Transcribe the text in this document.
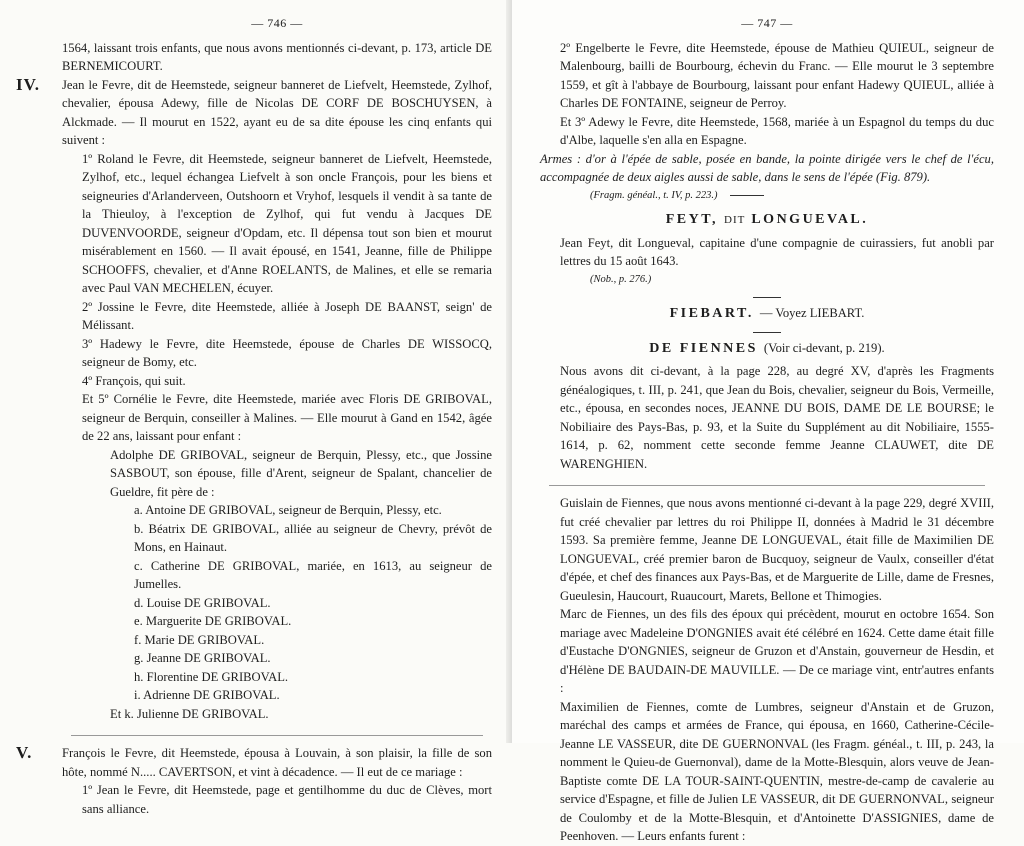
— 746 —

1564, laissant trois enfants, que nous avons mentionnés ci-devant, p. 173, article DE BERNEMICOURT.

IV. Jean le Fevre, dit de Heemstede, seigneur banneret de Liefvelt, Heemstede, Zylhof, chevalier, épousa Adewy, fille de Nicolas DE CORF DE BOSCHUYSEN, à Alckmade. — Il mourut en 1522, ayant eu de sa dite épouse les cinq enfants qui suivent :

1º Roland le Fevre, dit Heemstede, seigneur banneret de Liefvelt, Heemstede, Zylhof, etc., lequel échangea Liefvelt à son oncle François, pour les biens et seigneuries d'Arlanderveen, Outshoorn et Vryhof, lesquels il vendit à sa tante de la Thieuloy, à l'exception de Zylhof, qui fut vendu à Jacques DE DUVENVOORDE, seigneur d'Opdam, etc. Il dépensa tout son bien et mourut misérablement en 1560. — Il avait épousé, en 1541, Jeanne, fille de Philippe SCHOOFFS, chevalier, et d'Anne ROELANTS, de Malines, et elle se remaria avec Paul VAN MECHELEN, écuyer.

2º Jossine le Fevre, dite Heemstede, alliée à Joseph DE BAANST, seign' de Mélissant.

3º Hadewy le Fevre, dite Heemstede, épouse de Charles DE WISSOCQ, seigneur de Bomy, etc.

4º François, qui suit.

Et 5º Cornélie le Fevre, dite Heemstede, mariée avec Floris DE GRIBOVAL, seigneur de Berquin, conseiller à Malines. — Elle mourut à Gand en 1542, âgée de 22 ans, laissant pour enfant :

Adolphe DE GRIBOVAL, seigneur de Berquin, Plessy, etc., que Jossine SASBOUT, son épouse, fille d'Arent, seigneur de Spalant, chancelier de Gueldre, fit père de :

a. Antoine DE GRIBOVAL, seigneur de Berquin, Plessy, etc.

b. Béatrix DE GRIBOVAL, alliée au seigneur de Chevry, prévôt de Mons, en Hainaut.

c. Catherine DE GRIBOVAL, mariée, en 1613, au seigneur de Jumelles.

d. Louise DE GRIBOVAL.

e. Marguerite DE GRIBOVAL.

f. Marie DE GRIBOVAL.

g. Jeanne DE GRIBOVAL.

h. Florentine DE GRIBOVAL.

i. Adrienne DE GRIBOVAL.

Et k. Julienne DE GRIBOVAL.

V. François le Fevre, dit Heemstede, épousa à Louvain, à son plaisir, la fille de son hôte, nommé N..... CAVERTSON, et vint à décadence. — Il eut de ce mariage :

1º Jean le Fevre, dit Heemstede, page et gentilhomme du duc de Clèves, mort sans alliance.

— 747 —

2º Engelberte le Fevre, dite Heemstede, épouse de Mathieu QUIEUL, seigneur de Malenbourg, bailli de Bourbourg, échevin du Franc. — Elle mourut le 3 septembre 1559, et gît à l'abbaye de Bourbourg, laissant pour enfant Hadewy QUIEUL, alliée à Charles DE FONTAINE, seigneur de Perroy.

Et 3º Adewy le Fevre, dite Heemstede, 1568, mariée à un Espagnol du temps du duc d'Albe, laquelle s'en alla en Espagne.

Armes : d'or à l'épée de sable, posée en bande, la pointe dirigée vers le chef de l'écu, accompagnée de deux aigles aussi de sable, dans le sens de l'épée (Fig. 879).

(Fragm. généal., t. IV, p. 223.)

FEYT, DIT LONGUEVAL.

Jean Feyt, dit Longueval, capitaine d'une compagnie de cuirassiers, fut anobli par lettres du 15 août 1643.

(Nob., p. 276.)

FIEBART. — Voyez LIEBART.
DE FIENNES (Voir ci-devant, p. 219).

Nous avons dit ci-devant, à la page 228, au degré XV, d'après les Fragments généalogiques, t. III, p. 241, que Jean du Bois, chevalier, seigneur du Bois, Vermeille, etc., épousa, en secondes noces, JEANNE DU BOIS, DAME DE LE BOURSE; le Nobiliaire des Pays-Bas, p. 93, et la Suite du Supplément au dit Nobiliaire, 1555-1614, p. 62, nomment cette seconde femme Jeanne CLAUWET, dite DE WARENGHIEN.

Guislain de Fiennes, que nous avons mentionné ci-devant à la page 229, degré XVIII, fut créé chevalier par lettres du roi Philippe II, données à Madrid le 31 décembre 1593. Sa première femme, Jeanne DE LONGUEVAL, était fille de Maximilien DE LONGUEVAL, créé premier baron de Bucquoy, seigneur de Vaulx, conseiller d'état d'épée, et chef des finances aux Pays-Bas, et de Marguerite de Lille, dame de Fresnes, Gueulesin, Haucourt, Ruaucourt, Marets, Bellone et Thimogies.

Marc de Fiennes, un des fils des époux qui précèdent, mourut en octobre 1654. Son mariage avec Madeleine D'ONGNIES avait été célébré en 1624. Cette dame était fille d'Eustache D'ONGNIES, seigneur de Gruzon et d'Anstain, gouverneur de Hesdin, et d'Hélène DE BAUDAIN-DE MAUVILLE. — De ce mariage vint, entr'autres enfants :

Maximilien de Fiennes, comte de Lumbres, seigneur d'Anstain et de Gruzon, maréchal des camps et armées de France, qui épousa, en 1660, Catherine-Cécile-Jeanne LE VASSEUR, dite DE GUERNONVAL (les Fragm. généal., t. III, p. 243, la nomment le Quieu-de Guernonval), dame de la Motte-Blesquin, alors veuve de Jean-Baptiste comte DE LA TOUR-SAINT-QUENTIN, mestre-de-camp de cavalerie au service d'Espagne, et fille de Julien LE VASSEUR, dit DE GUERNONVAL, seigneur de Coulomby et de la Motte-Blesquin, et d'Antoinette D'ASSIGNIES, dame de Peenhoven. — Leurs enfants furent :
